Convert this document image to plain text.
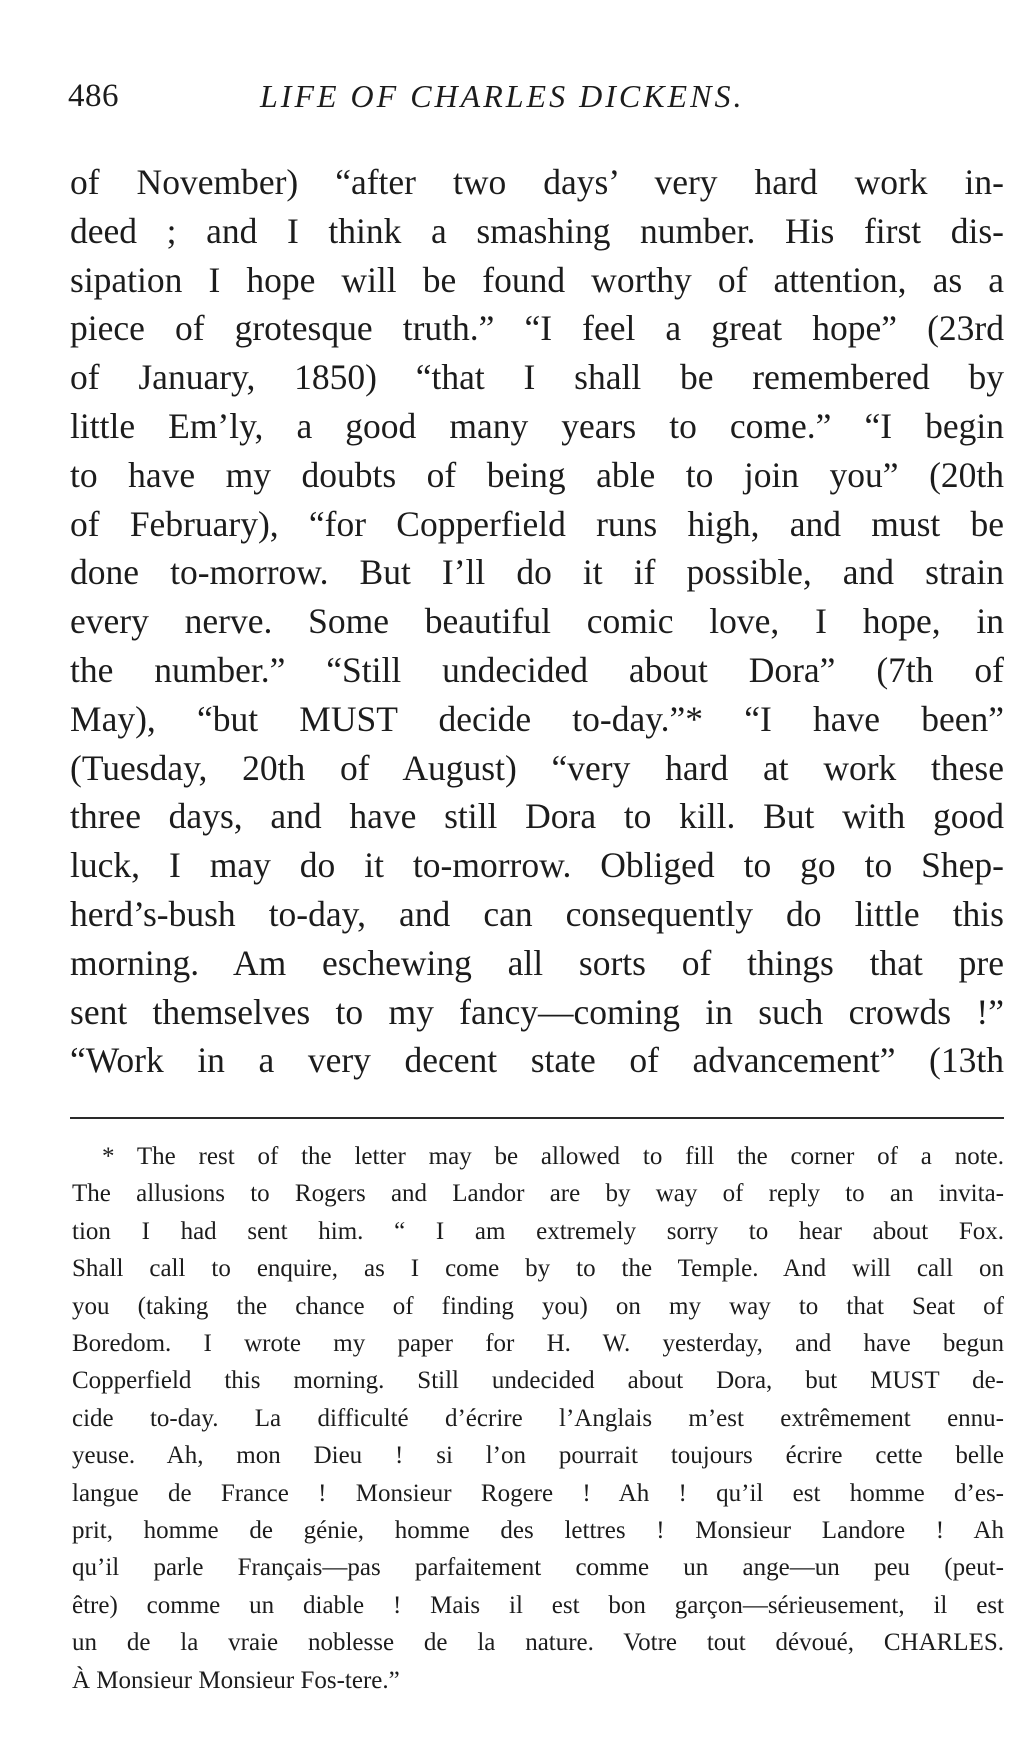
486	LIFE OF CHARLES DICKENS.
of November) “after two days’ very hard work in-
deed ; and I think a smashing number. His first dis-
sipation I hope will be found worthy of attention, as a
piece of grotesque truth.” “I feel a great hope” (23rd
of January, 1850) “that I shall be remembered by
little Em’ly, a good many years to come.” “I begin
to have my doubts of being able to join you” (20th
of February), “for Copperfield runs high, and must be
done to-morrow. But I’ll do it if possible, and strain
every nerve. Some beautiful comic love, I hope, in
the number.” “Still undecided about Dora” (7th of
May), “but MUST decide to-day.”* “I have been”
(Tuesday, 20th of August) “very hard at work these
three days, and have still Dora to kill. But with good
luck, I may do it to-morrow. Obliged to go to Shep-
herd’s-bush to-day, and can consequently do little this
morning. Am eschewing all sorts of things that pre
sent themselves to my fancy—coming in such crowds !”
“Work in a very decent state of advancement” (13th
* The rest of the letter may be allowed to fill the corner of a note.
The allusions to Rogers and Landor are by way of reply to an invita-
tion I had sent him. “ I am extremely sorry to hear about Fox.
Shall call to enquire, as I come by to the Temple. And will call on
you (taking the chance of finding you) on my way to that Seat of
Boredom. I wrote my paper for H. W. yesterday, and have begun
Copperfield this morning. Still undecided about Dora, but MUST de-
cide to-day. La difficulté d’écrire l’Anglais m’est extrêmement ennu-
yeuse. Ah, mon Dieu ! si l’on pourrait toujours écrire cette belle
langue de France ! Monsieur Rogere ! Ah ! qu’il est homme d’es-
prit, homme de génie, homme des lettres ! Monsieur Landore ! Ah
qu’il parle Français—pas parfaitement comme un ange—un peu (peut-
être) comme un diable ! Mais il est bon garçon—sérieusement, il est
un de la vraie noblesse de la nature. Votre tout dévoué, CHARLES.
À Monsieur Monsieur Fos-tere.”
